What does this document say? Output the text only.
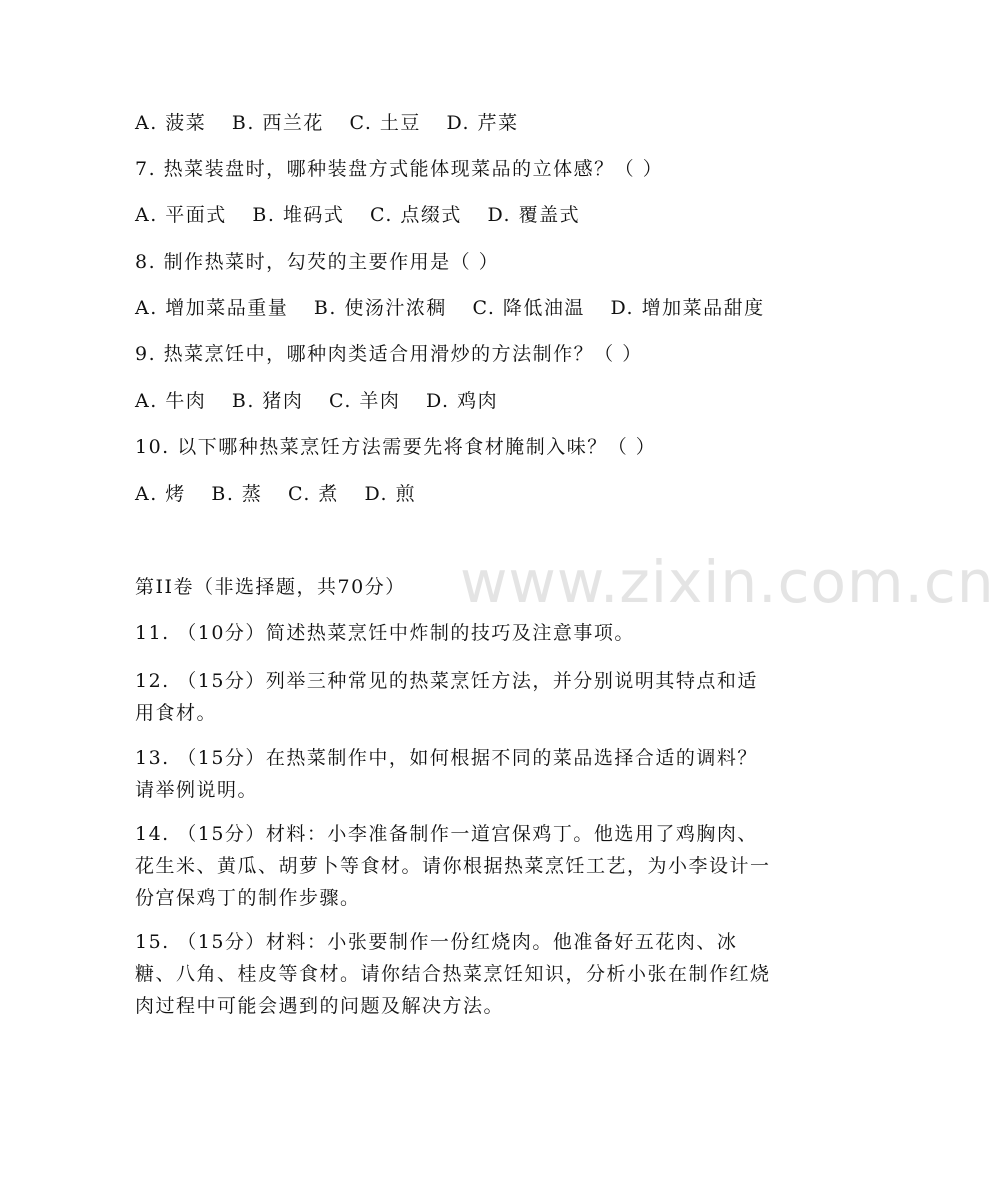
www.zixin.com.cn
A. 菠菜 B. 西兰花 C. 土豆 D. 芹菜
7. 热菜装盘时，哪种装盘方式能体现菜品的立体感？（ ）
A. 平面式 B. 堆码式 C. 点缀式 D. 覆盖式
8. 制作热菜时，勾芡的主要作用是（ ）
A. 增加菜品重量 B. 使汤汁浓稠 C. 降低油温 D. 增加菜品甜度
9. 热菜烹饪中，哪种肉类适合用滑炒的方法制作？（ ）
A. 牛肉 B. 猪肉 C. 羊肉 D. 鸡肉
10. 以下哪种热菜烹饪方法需要先将食材腌制入味？（ ）
A. 烤 B. 蒸 C. 煮 D. 煎
第II卷（非选择题，共70分）
11. （10分）简述热菜烹饪中炸制的技巧及注意事项。
12. （15分）列举三种常见的热菜烹饪方法，并分别说明其特点和适用食材。
13. （15分）在热菜制作中，如何根据不同的菜品选择合适的调料？请举例说明。
14. （15分）材料：小李准备制作一道宫保鸡丁。他选用了鸡胸肉、花生米、黄瓜、胡萝卜等食材。请你根据热菜烹饪工艺，为小李设计一份宫保鸡丁的制作步骤。
15. （15分）材料：小张要制作一份红烧肉。他准备好五花肉、冰糖、八角、桂皮等食材。请你结合热菜烹饪知识，分析小张在制作红烧肉过程中可能会遇到的问题及解决方法。
